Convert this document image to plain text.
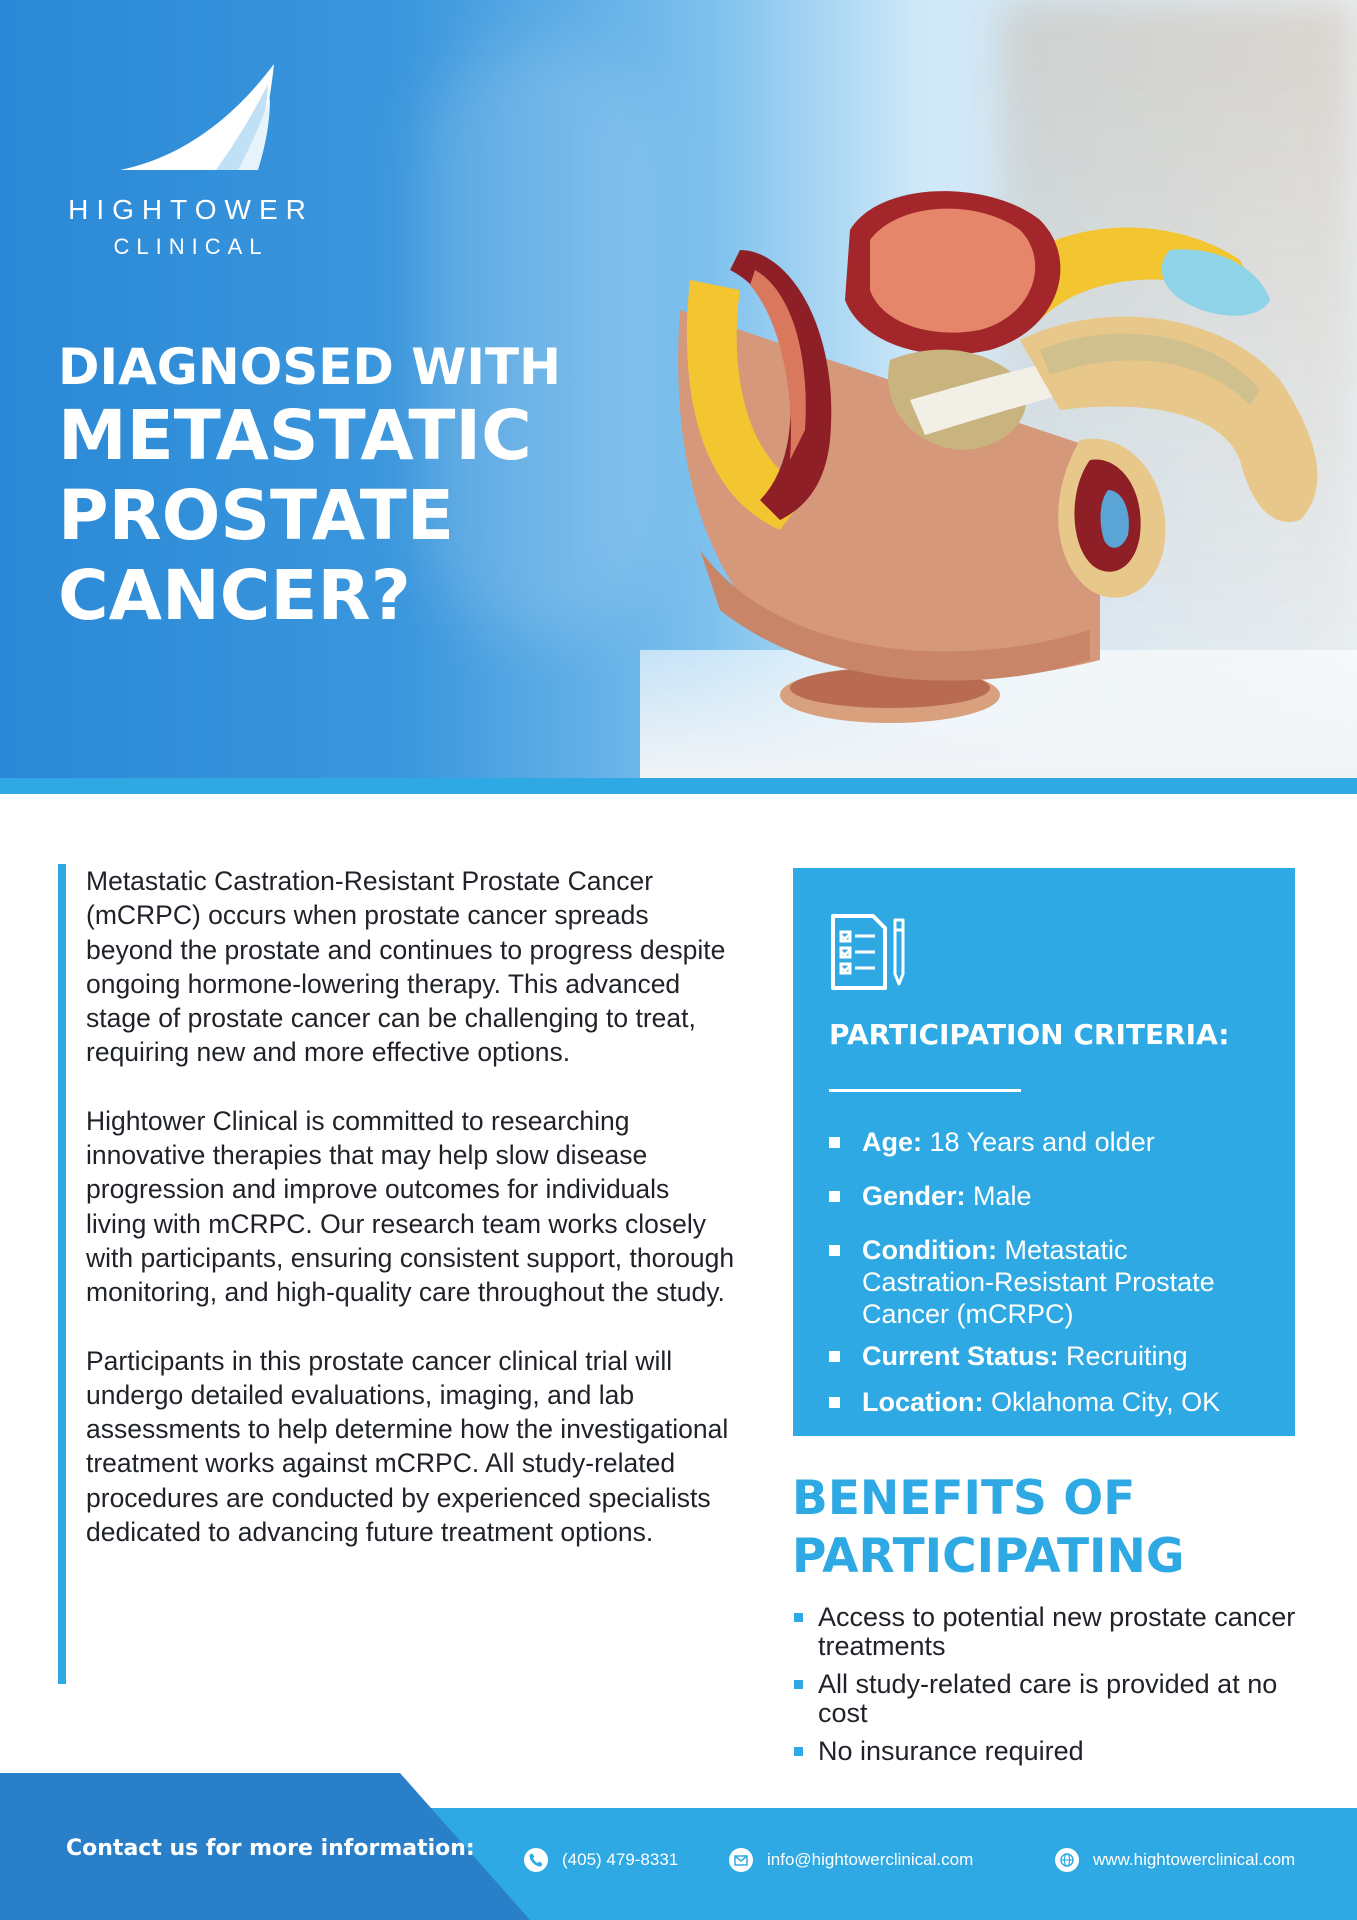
HIGHTOWER
CLINICAL
DIAGNOSED WITH
METASTATIC
PROSTATE
CANCER?

Metastatic Castration-Resistant Prostate Cancer (mCRPC) occurs when prostate cancer spreads beyond the prostate and continues to progress despite ongoing hormone-lowering therapy. This advanced stage of prostate cancer can be challenging to treat, requiring new and more effective options.

Hightower Clinical is committed to researching innovative therapies that may help slow disease progression and improve outcomes for individuals living with mCRPC. Our research team works closely with participants, ensuring consistent support, thorough monitoring, and high-quality care throughout the study.

Participants in this prostate cancer clinical trial will undergo detailed evaluations, imaging, and lab assessments to help determine how the investigational treatment works against mCRPC. All study-related procedures are conducted by experienced specialists dedicated to advancing future treatment options.

PARTICIPATION CRITERIA:
Age: 18 Years and older
Gender: Male
Condition: Metastatic Castration-Resistant Prostate Cancer (mCRPC)
Current Status: Recruiting
Location: Oklahoma City, OK
BENEFITS OF
PARTICIPATING
Access to potential new prostate cancer treatments
All study-related care is provided at no cost
No insurance required
Contact us for more information:	(405) 479-8331	info@hightowerclinical.com	www.hightowerclinical.com
